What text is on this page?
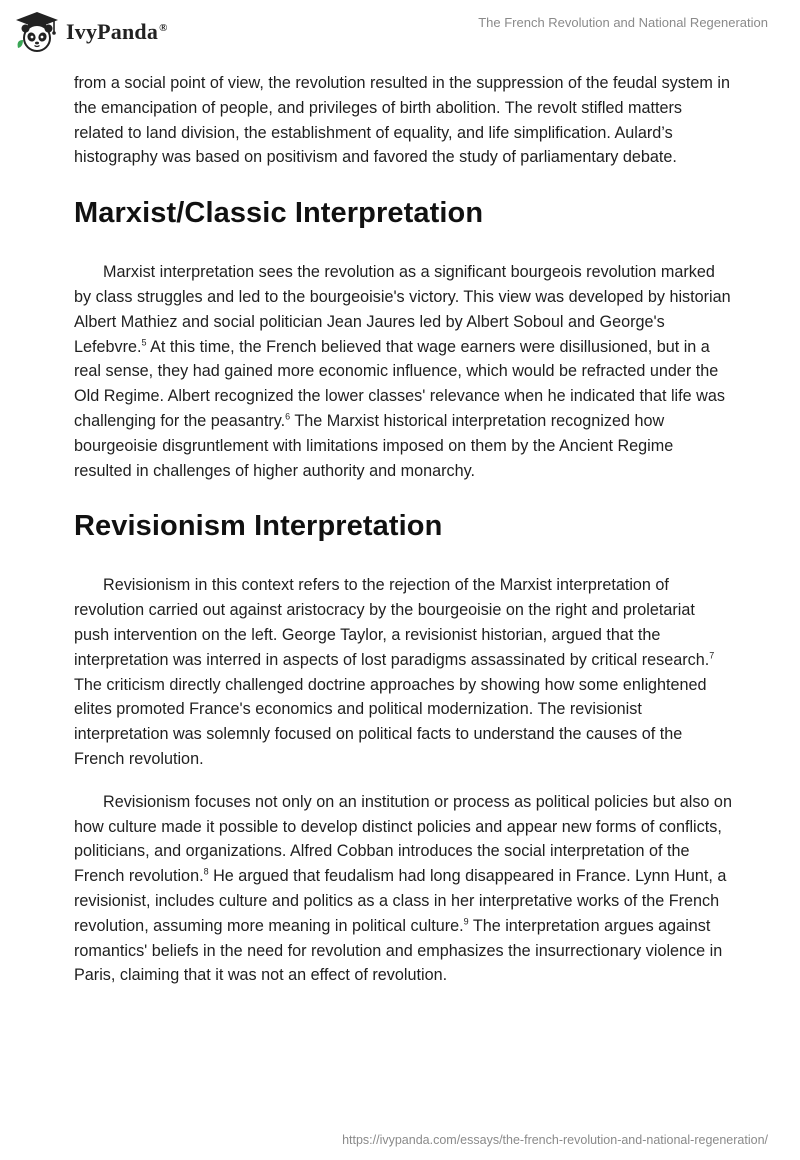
IvyPanda®	The French Revolution and National Regeneration

from a social point of view, the revolution resulted in the suppression of the feudal system in the emancipation of people, and privileges of birth abolition. The revolt stifled matters related to land division, the establishment of equality, and life simplification. Aulard’s histography was based on positivism and favored the study of parliamentary debate.

Marxist/Classic Interpretation

Marxist interpretation sees the revolution as a significant bourgeois revolution marked by class struggles and led to the bourgeoisie's victory. This view was developed by historian Albert Mathiez and social politician Jean Jaures led by Albert Soboul and George's Lefebvre.$^5$ At this time, the French believed that wage earners were disillusioned, but in a real sense, they had gained more economic influence, which would be refracted under the Old Regime. Albert recognized the lower classes' relevance when he indicated that life was challenging for the peasantry.$^6$ The Marxist historical interpretation recognized how bourgeoisie disgruntlement with limitations imposed on them by the Ancient Regime resulted in challenges of higher authority and monarchy.

Revisionism Interpretation

Revisionism in this context refers to the rejection of the Marxist interpretation of revolution carried out against aristocracy by the bourgeoisie on the right and proletariat push intervention on the left. George Taylor, a revisionist historian, argued that the interpretation was interred in aspects of lost paradigms assassinated by critical research.$^7$ The criticism directly challenged doctrine approaches by showing how some enlightened elites promoted France's economics and political modernization. The revisionist interpretation was solemnly focused on political facts to understand the causes of the French revolution.

Revisionism focuses not only on an institution or process as political policies but also on how culture made it possible to develop distinct policies and appear new forms of conflicts, politicians, and organizations. Alfred Cobban introduces the social interpretation of the French revolution.$^8$ He argued that feudalism had long disappeared in France. Lynn Hunt, a revisionist, includes culture and politics as a class in her interpretative works of the French revolution, assuming more meaning in political culture.$^9$ The interpretation argues against romantics' beliefs in the need for revolution and emphasizes the insurrectionary violence in Paris, claiming that it was not an effect of revolution.

https://ivypanda.com/essays/the-french-revolution-and-national-regeneration/
